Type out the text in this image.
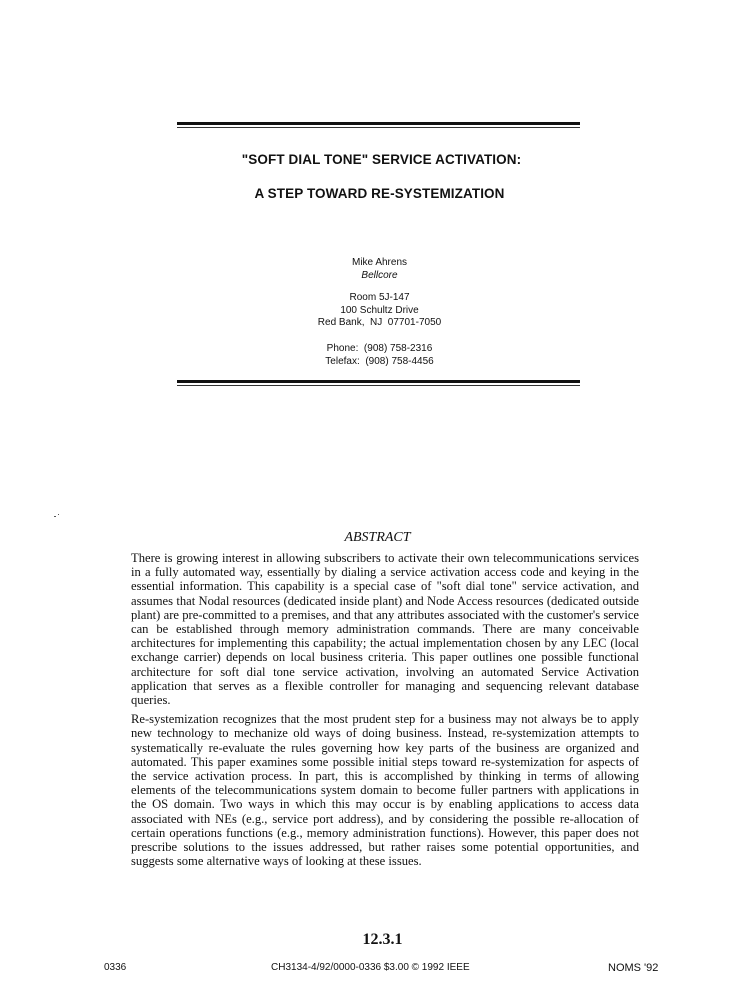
"SOFT DIAL TONE" SERVICE ACTIVATION:
A STEP TOWARD RE-SYSTEMIZATION
Mike Ahrens
Bellcore
Room 5J-147
100 Schultz Drive
Red Bank,  NJ  07701-7050
Phone:  (908) 758-2316
Telefax:  (908) 758-4456
ABSTRACT

There is growing interest in allowing subscribers to activate their own telecommunications services in a fully automated way, essentially by dialing a service activation access code and keying in the essential information. This capability is a special case of "soft dial tone" service activation, and assumes that Nodal resources (dedicated inside plant) and Node Access resources (dedicated outside plant) are pre-committed to a premises, and that any attributes associated with the customer's service can be established through memory administration commands. There are many conceivable architectures for implementing this capability; the actual implementation chosen by any LEC (local exchange carrier) depends on local business criteria. This paper outlines one possible functional architecture for soft dial tone service activation, involving an automated Service Activation application that serves as a flexible controller for managing and sequencing relevant database queries.

Re-systemization recognizes that the most prudent step for a business may not always be to apply new technology to mechanize old ways of doing business. Instead, re-systemization attempts to systematically re-evaluate the rules governing how key parts of the business are organized and automated. This paper examines some possible initial steps toward re-systemization for aspects of the service activation process. In part, this is accomplished by thinking in terms of allowing elements of the telecommunications system domain to become fuller partners with applications in the OS domain. Two ways in which this may occur is by enabling applications to access data associated with NEs (e.g., service port address), and by considering the possible re-allocation of certain operations functions (e.g., memory administration functions). However, this paper does not prescribe solutions to the issues addressed, but rather raises some potential opportunities, and suggests some alternative ways of looking at these issues.

12.3.1
0336	CH3134-4/92/0000-0336 $3.00 © 1992 IEEE	NOMS '92
